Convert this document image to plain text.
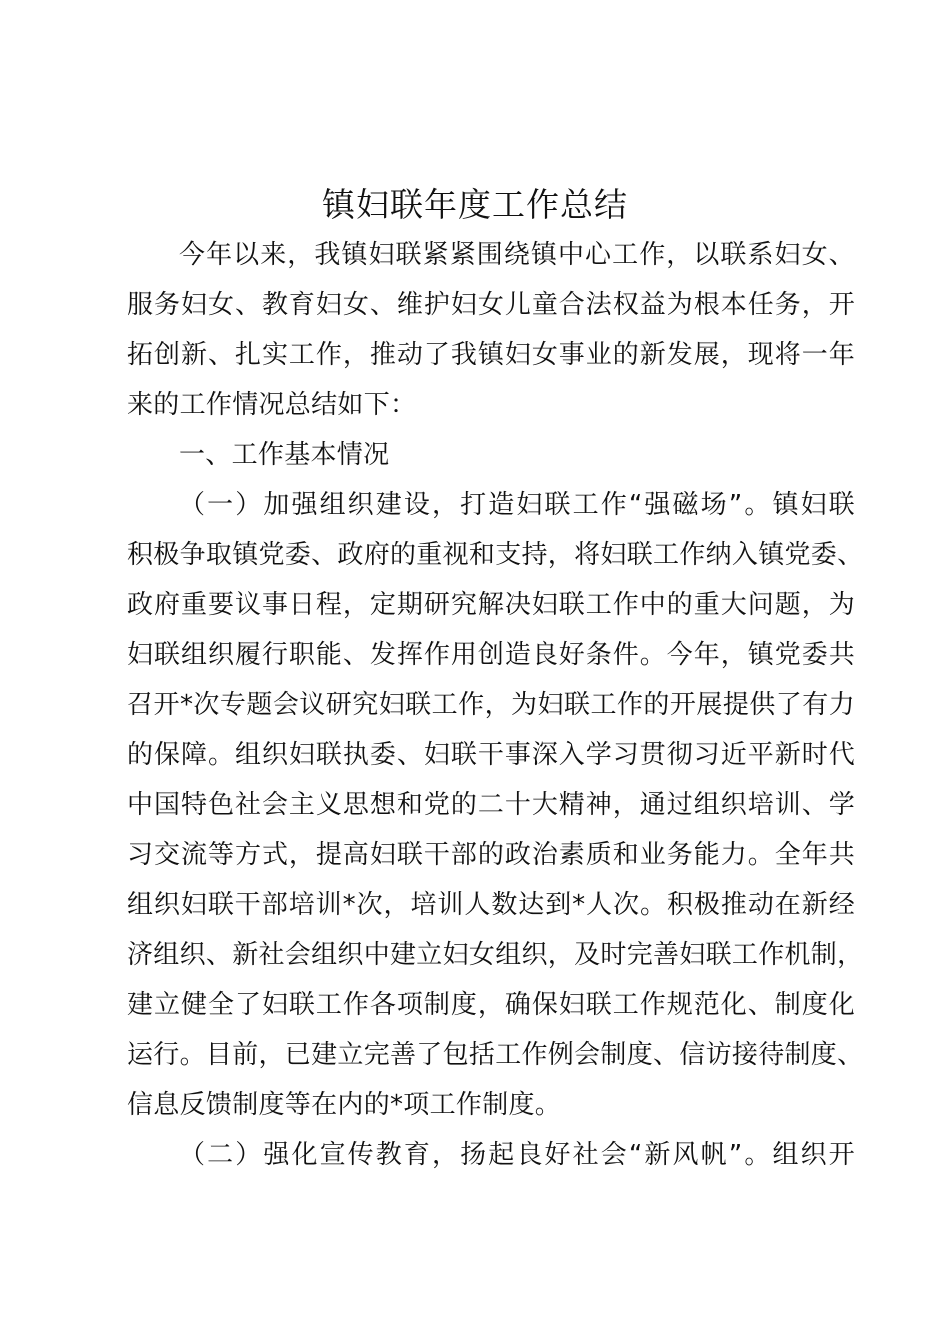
镇妇联年度工作总结
今年以来，我镇妇联紧紧围绕镇中心工作，以联系妇女、
服务妇女、教育妇女、维护妇女儿童合法权益为根本任务，开
拓创新、扎实工作，推动了我镇妇女事业的新发展，现将一年
来的工作情况总结如下：
一、工作基本情况
（一）加强组织建设，打造妇联工作“强磁场”。镇妇联
积极争取镇党委、政府的重视和支持，将妇联工作纳入镇党委、
政府重要议事日程，定期研究解决妇联工作中的重大问题，为
妇联组织履行职能、发挥作用创造良好条件。今年，镇党委共
召开*次专题会议研究妇联工作，为妇联工作的开展提供了有力
的保障。组织妇联执委、妇联干事深入学习贯彻习近平新时代
中国特色社会主义思想和党的二十大精神，通过组织培训、学
习交流等方式，提高妇联干部的政治素质和业务能力。全年共
组织妇联干部培训*次，培训人数达到*人次。积极推动在新经
济组织、新社会组织中建立妇女组织，及时完善妇联工作机制，
建立健全了妇联工作各项制度，确保妇联工作规范化、制度化
运行。目前，已建立完善了包括工作例会制度、信访接待制度、
信息反馈制度等在内的*项工作制度。
（二）强化宣传教育，扬起良好社会“新风帆”。组织开
